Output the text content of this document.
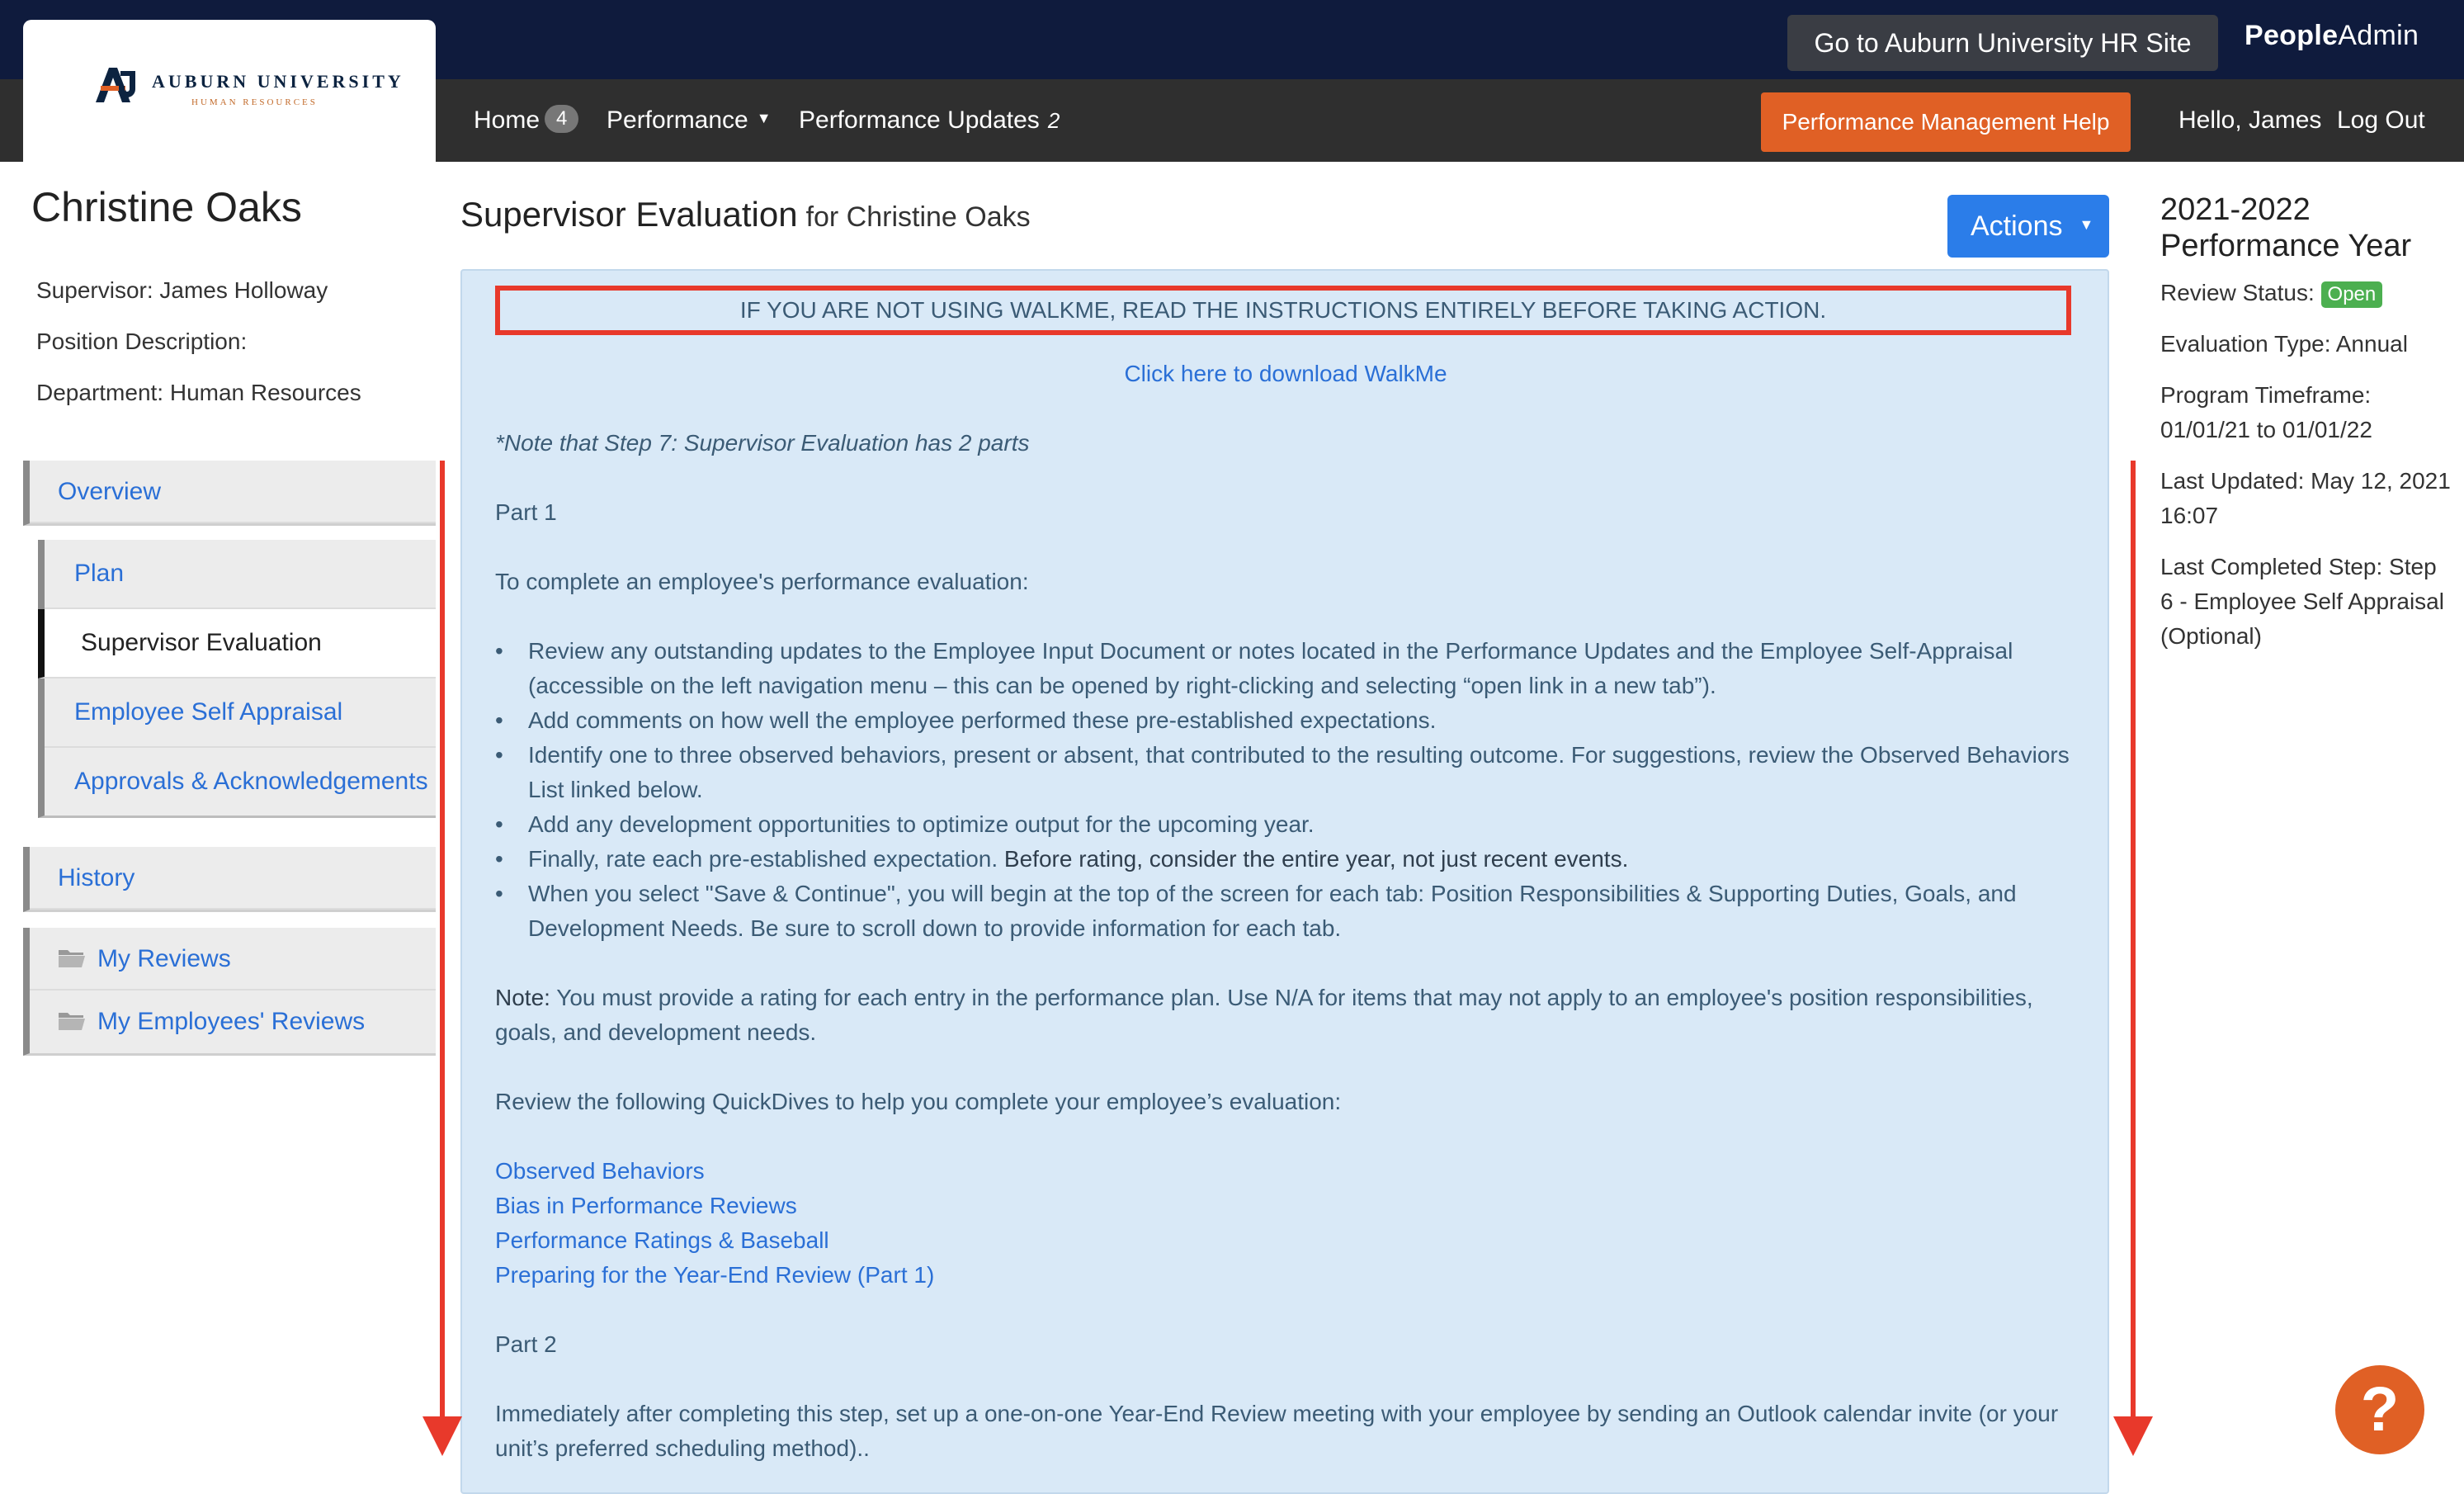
Go to Auburn University HR Site	PeopleAdmin
AUBURN UNIVERSITY
HUMAN RESOURCES
Home 4	Performance ▼ Performance Updates 2	Performance Management Help	Hello, James Log Out
Christine Oaks
Supervisor: James Holloway
Position Description:
Department: Human Resources
Overview
Plan
Supervisor Evaluation
Employee Self Appraisal
Approvals & Acknowledgements
History
My Reviews
My Employees' Reviews
Supervisor Evaluation for Christine Oaks	Actions ▼
IF YOU ARE NOT USING WALKME, READ THE INSTRUCTIONS ENTIRELY BEFORE TAKING ACTION.
Click here to download WalkMe
*Note that Step 7: Supervisor Evaluation has 2 parts
Part 1
To complete an employee's performance evaluation:
• Review any outstanding updates to the Employee Input Document or notes located in the Performance Updates and the Employee Self-Appraisal (accessible on the left navigation menu – this can be opened by right-clicking and selecting “open link in a new tab”).
• Add comments on how well the employee performed these pre-established expectations.
• Identify one to three observed behaviors, present or absent, that contributed to the resulting outcome. For suggestions, review the Observed Behaviors List linked below.
• Add any development opportunities to optimize output for the upcoming year.
• Finally, rate each pre-established expectation. Before rating, consider the entire year, not just recent events.
• When you select "Save & Continue", you will begin at the top of the screen for each tab: Position Responsibilities & Supporting Duties, Goals, and Development Needs. Be sure to scroll down to provide information for each tab.
Note: You must provide a rating for each entry in the performance plan. Use N/A for items that may not apply to an employee's position responsibilities, goals, and development needs.
Review the following QuickDives to help you complete your employee’s evaluation:
Observed Behaviors
Bias in Performance Reviews
Performance Ratings & Baseball
Preparing for the Year-End Review (Part 1)
Part 2
Immediately after completing this step, set up a one-on-one Year-End Review meeting with your employee by sending an Outlook calendar invite (or your unit’s preferred scheduling method)..
2021-2022
Performance Year
Review Status: Open
Evaluation Type: Annual
Program Timeframe:
01/01/21 to 01/01/22
Last Updated: May 12, 2021 16:07
Last Completed Step: Step 6 - Employee Self Appraisal (Optional)
?
